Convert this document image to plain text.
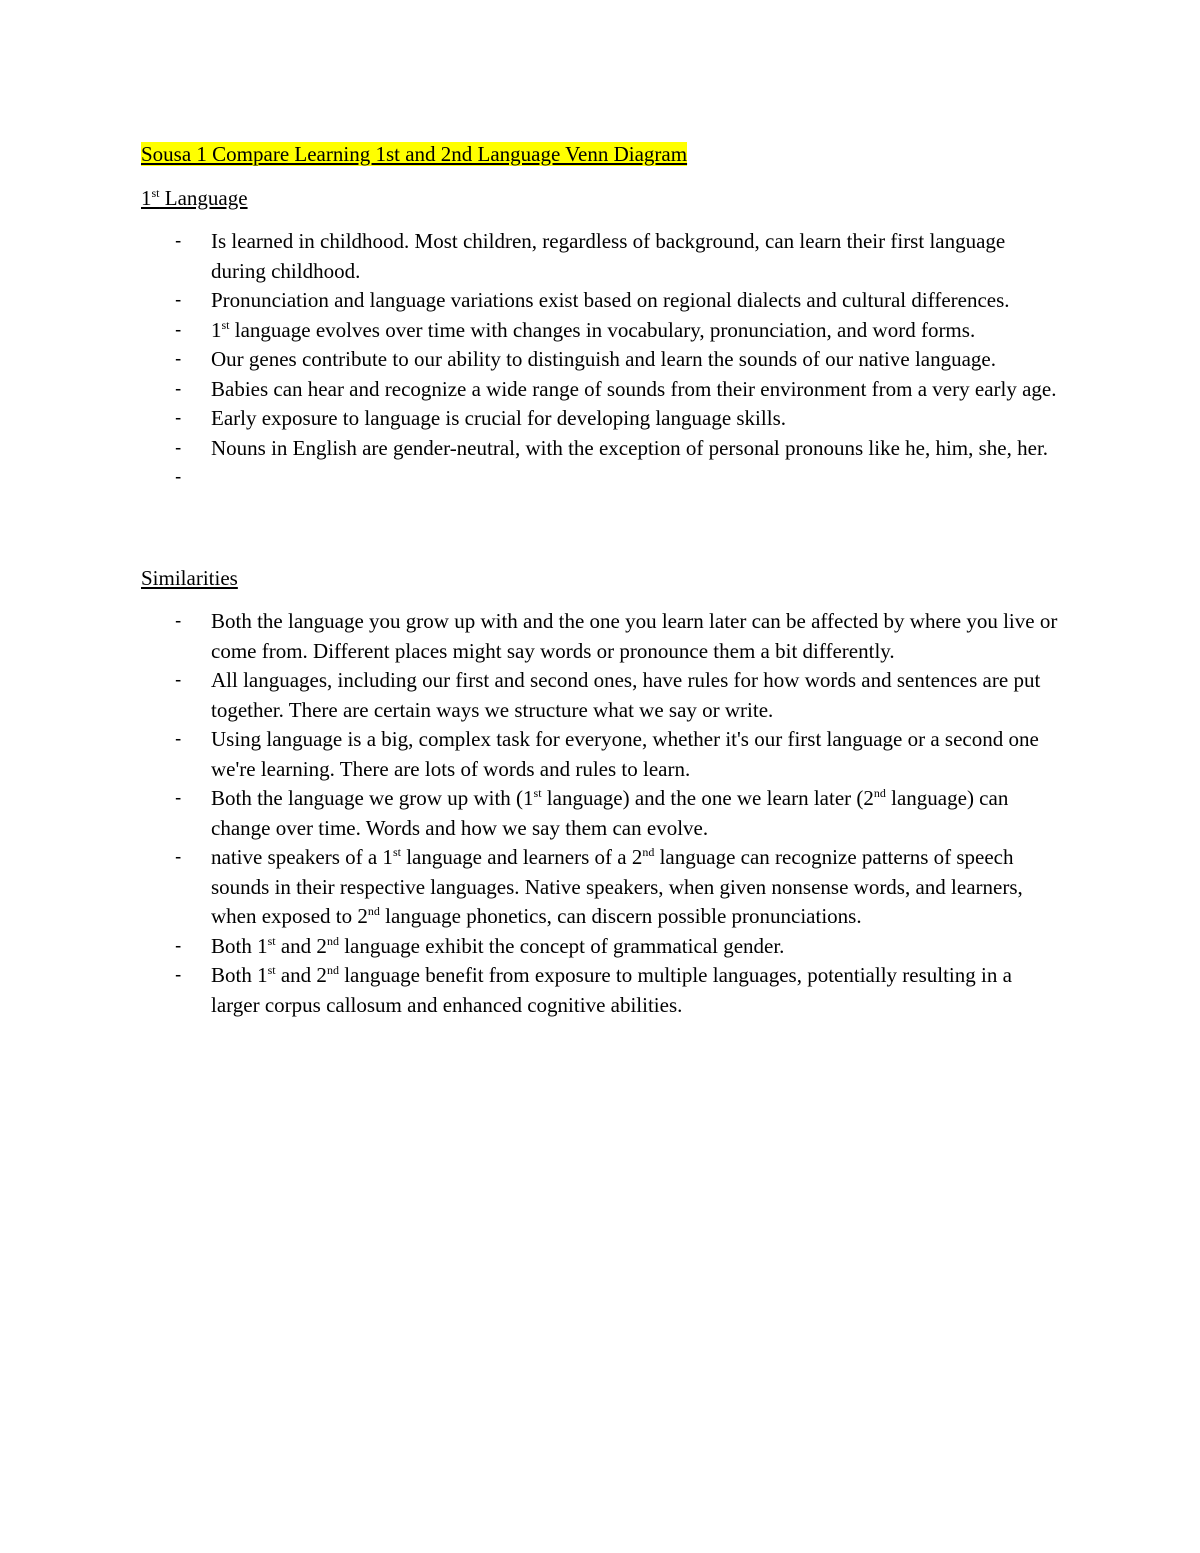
Sousa 1 Compare Learning 1st and 2nd Language Venn Diagram

1st Language

- Is learned in childhood. Most children, regardless of background, can learn their first language during childhood.
- Pronunciation and language variations exist based on regional dialects and cultural differences.
- 1st language evolves over time with changes in vocabulary, pronunciation, and word forms.
- Our genes contribute to our ability to distinguish and learn the sounds of our native language.
- Babies can hear and recognize a wide range of sounds from their environment from a very early age.
- Early exposure to language is crucial for developing language skills.
- Nouns in English are gender-neutral, with the exception of personal pronouns like he, him, she, her.
-

Similarities

- Both the language you grow up with and the one you learn later can be affected by where you live or come from. Different places might say words or pronounce them a bit differently.
- All languages, including our first and second ones, have rules for how words and sentences are put together. There are certain ways we structure what we say or write.
- Using language is a big, complex task for everyone, whether it's our first language or a second one we're learning. There are lots of words and rules to learn.
- Both the language we grow up with (1st language) and the one we learn later (2nd language) can change over time. Words and how we say them can evolve.
- native speakers of a 1st language and learners of a 2nd language can recognize patterns of speech sounds in their respective languages. Native speakers, when given nonsense words, and learners, when exposed to 2nd language phonetics, can discern possible pronunciations.
- Both 1st and 2nd language exhibit the concept of grammatical gender.
- Both 1st and 2nd language benefit from exposure to multiple languages, potentially resulting in a larger corpus callosum and enhanced cognitive abilities.
